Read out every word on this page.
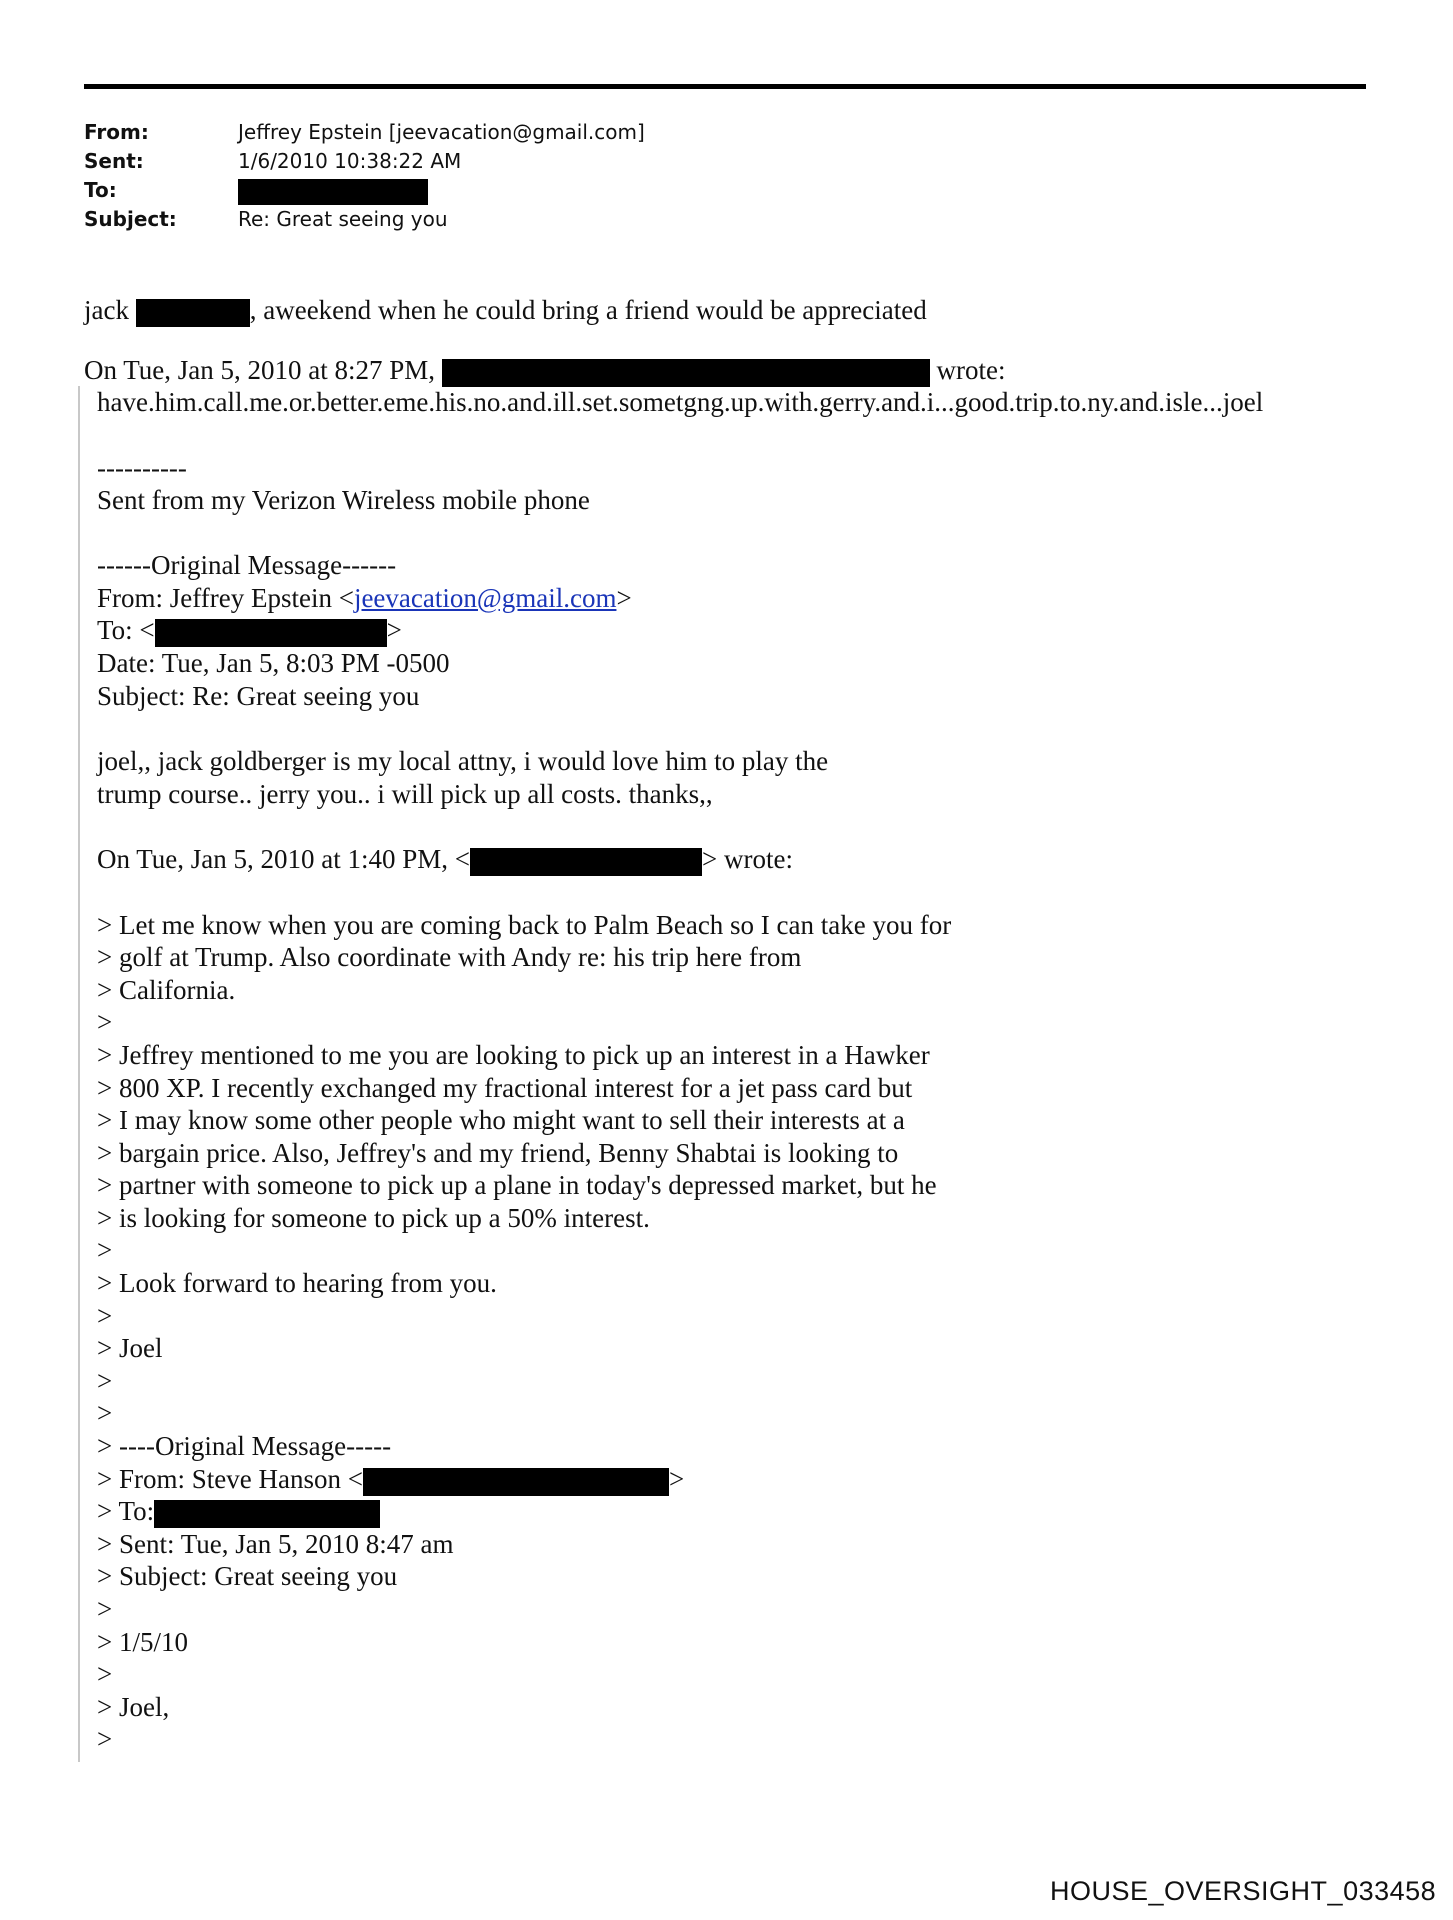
From:	Jeffrey Epstein [jeevacation@gmail.com]
Sent:	1/6/2010 10:38:22 AM
To:
Subject:	Re: Great seeing you
jack	, aweekend when he could bring a friend would be appreciated
On Tue, Jan 5, 2010 at 8:27 PM,	wrote:
have.him.call.me.or.better.eme.his.no.and.ill.set.sometgng.up.with.gerry.and.i...good.trip.to.ny.and.isle...joel
----------
Sent from my Verizon Wireless mobile phone
------Original Message------
From: Jeffrey Epstein <jeevacation@gmail.com>
To: <	>
Date: Tue, Jan 5, 8:03 PM -0500
Subject: Re: Great seeing you
joel,, jack goldberger is my local attny, i would love him to play the
trump course.. jerry you.. i will pick up all costs. thanks,,
On Tue, Jan 5, 2010 at 1:40 PM, <	> wrote:
> Let me know when you are coming back to Palm Beach so I can take you for
> golf at Trump. Also coordinate with Andy re: his trip here from
> California.
>
> Jeffrey mentioned to me you are looking to pick up an interest in a Hawker
> 800 XP. I recently exchanged my fractional interest for a jet pass card but
> I may know some other people who might want to sell their interests at a
> bargain price. Also, Jeffrey's and my friend, Benny Shabtai is looking to
> partner with someone to pick up a plane in today's depressed market, but he
> is looking for someone to pick up a 50% interest.
>
> Look forward to hearing from you.
>
> Joel
>
>
> ----Original Message-----
> From: Steve Hanson <	>
> To:
> Sent: Tue, Jan 5, 2010 8:47 am
> Subject: Great seeing you
>
> 1/5/10
>
> Joel,
>
HOUSE_OVERSIGHT_033458
